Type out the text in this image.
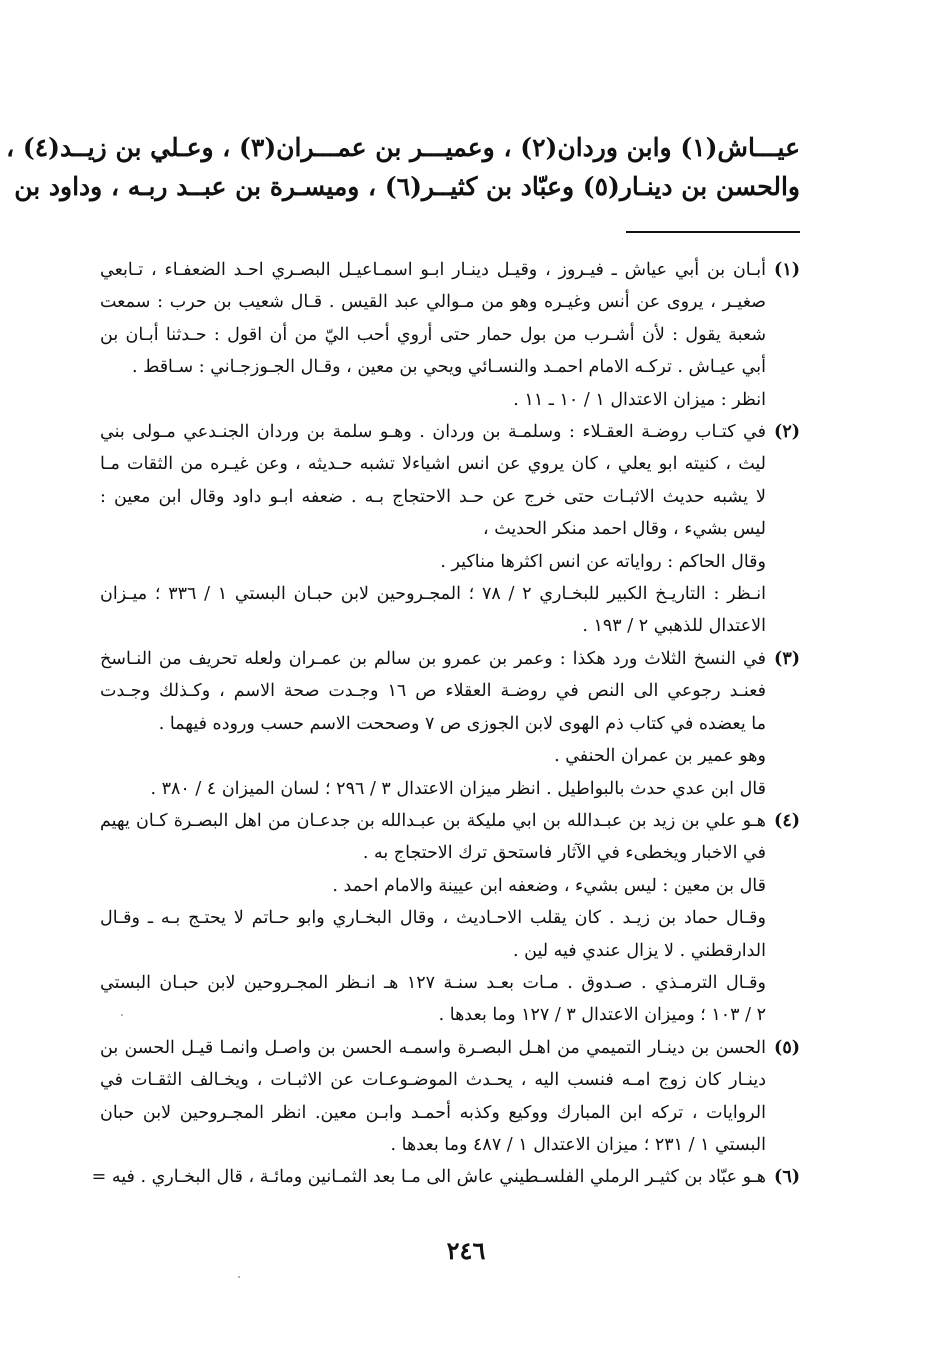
عيـــاش(١) وابن وردان(٢) ، وعميـــر بن عمـــران(٣) ، وعـلي بن زيــد(٤) ،

والحسن بن دينـار(٥) وعبّاد بن كثيــر(٦) ، وميسـرة بن عبــد ربـه ، وداود بن

(١)
أبـان بن أبي عياش ـ فيـروز ، وقيـل دينـار ابـو اسمـاعيـل البصـري احـد الضعفـاء ، تـابعي
صغيـر ، يروى عن أنس وغيـره وهو من مـوالي عبد القيس . قـال شعيب بن حرب : سمعت
شعبة يقول : لأن أشـرب من بول حمار حتى أروي أحب اليّ من أن اقول : حـدثنا أبـان بن
أبي عيـاش . تركـه الامام احمـد والنسـائي ويحي بن معين ، وقـال الجـوزجـاني : سـاقط .
انظر : ميزان الاعتدال ١ / ١٠ ـ ١١ .
(٢)
في كتـاب روضـة العقـلاء : وسلمـة بن وردان . وهـو سلمة بن وردان الجنـدعي مـولى بني
ليث ، كنيته ابو يعلي ، كان يروي عن انس اشياءلا تشبه حـديثه ، وعن غيـره من الثقات مـا
لا يشبه حديث الاثبـات حتى خرج عن حـد الاحتجاج بـه . ضعفه ابـو داود وقال ابن معين :
ليس بشيء ، وقال احمد منكر الحديث ،
وقال الحاكم : رواياته عن انس اكثرها مناكير .
انـظر : التاريـخ الكبير للبخـاري ٢ / ٧٨ ؛ المجـروحين لابن حبـان البستي ١ / ٣٣٦ ؛ ميـزان
الاعتدال للذهبي ٢ / ١٩٣ .
(٣)
في النسخ الثلاث ورد هكذا : وعمر بن عمرو بن سالم بن عمـران ولعله تحريف من النـاسخ
فعنـد رجوعي الى النص في روضـة العقلاء ص ١٦ وجـدت صحة الاسم ، وكـذلك وجـدت
ما يعضده في كتاب ذم الهوى لابن الجوزى ص ٧ وصححت الاسم حسب وروده فيهما .
وهو عمير بن عمران الحنفي .
قال ابن عدي حدث بالبواطيل . انظر ميزان الاعتدال ٣ / ٢٩٦ ؛ لسان الميزان ٤ / ٣٨٠ .
(٤)
هـو علي بن زيد بن عبـدالله بن ابي مليكة بن عبـدالله بن جدعـان من اهل البصـرة كـان يهيم
في الاخبار ويخطىء في الآثار فاستحق ترك الاحتجاج به .
قال بن معين : ليس بشيء ، وضعفه ابن عيينة والامام احمد .
وقـال حماد بن زيـد . كان يقلب الاحـاديث ، وقال البخـاري وابو حـاتم لا يحتـج بـه ـ وقـال
الدارقطني . لا يزال عندي فيه لين .
وقـال الترمـذي . صـدوق . مـات بعـد سنـة ١٢٧ هـ انـظر المجـروحين لابن حبـان البستي
٢ / ١٠٣ ؛ وميزان الاعتدال ٣ / ١٢٧ وما بعدها .
(٥)
الحسن بن دينـار التميمي من اهـل البصـرة واسمـه الحسن بن واصـل وانمـا قيـل الحسن بن
دينـار كان زوج امـه فنسب اليه ، يحـدث الموضـوعـات عن الاثبـات ، ويخـالف الثقـات في
الروايات ، تركه ابن المبارك ووكيع وكذبه أحمـد وابـن معين. انظر المجـروحين لابن حبان
البستي ١ / ٢٣١ ؛ ميزان الاعتدال ١ / ٤٨٧ وما بعدها .
(٦)
هـو عبّاد بن كثيـر الرملي الفلسـطيني عاش الى مـا بعد الثمـانين ومائـة ، قال البخـاري . فيه =
٢٤٦
